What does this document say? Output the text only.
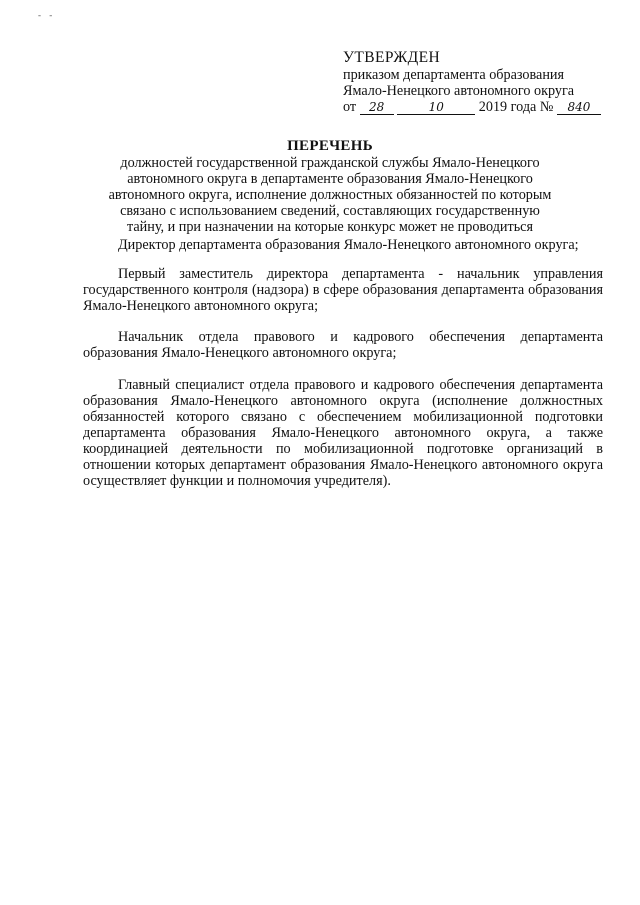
- -
УТВЕРЖДЕН
приказом департамента образования
Ямало-Ненецкого автономного округа
от 28	10 2019 года № 840
ПЕРЕЧЕНЬ
должностей государственной гражданской службы Ямало-Ненецкого автономного округа в департаменте образования Ямало-Ненецкого автономного округа, исполнение должностных обязанностей по которым связано с использованием сведений, составляющих государственную тайну, и при назначении на которые конкурс может не проводиться

Директор департамента образования Ямало-Ненецкого автономного округа;

Первый заместитель директора департамента - начальник управления государственного контроля (надзора) в сфере образования департамента образования Ямало-Ненецкого автономного округа;

Начальник отдела правового и кадрового обеспечения департамента образования Ямало-Ненецкого автономного округа;

Главный специалист отдела правового и кадрового обеспечения департамента образования Ямало-Ненецкого автономного округа (исполнение должностных обязанностей которого связано с обеспечением мобилизационной подготовки департамента образования Ямало-Ненецкого автономного округа, а также координацией деятельности по мобилизационной подготовке организаций в отношении которых департамент образования Ямало-Ненецкого автономного округа осуществляет функции и полномочия учредителя).
